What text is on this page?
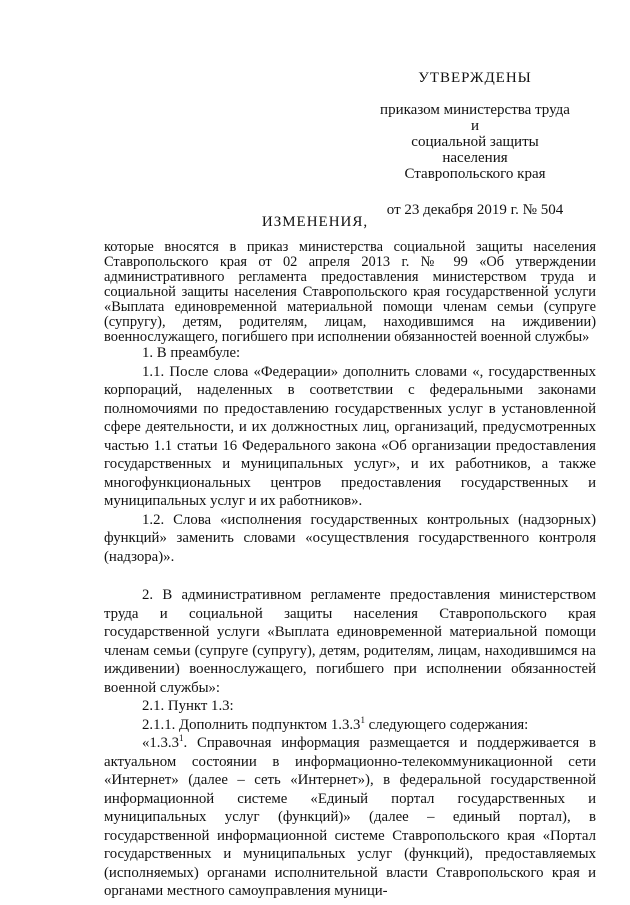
УТВЕРЖДЕНЫ
приказом министерства труда и
социальной защиты населения
Ставропольского края
от 23 декабря 2019 г. № 504
ИЗМЕНЕНИЯ,
которые вносятся в приказ министерства социальной защиты населения Ставропольского края от 02 апреля 2013 г. № 99 «Об утверждении административного регламента предоставления министерством труда и социальной защиты населения Ставропольского края государственной услуги «Выплата единовременной материальной помощи членам семьи (супруге (супругу), детям, родителям, лицам, находившимся на иждивении) военнослужащего, погибшего при исполнении обязанностей военной службы»

1. В преамбуле:

1.1. После слова «Федерации» дополнить словами «, государственных корпораций, наделенных в соответствии с федеральными законами полномочиями по предоставлению государственных услуг в установленной сфере деятельности, и их должностных лиц, организаций, предусмотренных частью 1.1 статьи 16 Федерального закона «Об организации предоставления государственных и муниципальных услуг», и их работников, а также многофункциональных центров предоставления государственных и муниципальных услуг и их работников».

1.2. Слова «исполнения государственных контрольных (надзорных) функций» заменить словами «осуществления государственного контроля (надзора)».

2. В административном регламенте предоставления министерством труда и социальной защиты населения Ставропольского края государственной услуги «Выплата единовременной материальной помощи членам семьи (супруге (супругу), детям, родителям, лицам, находившимся на иждивении) военнослужащего, погибшего при исполнении обязанностей военной службы»:

2.1. Пункт 1.3:

2.1.1. Дополнить подпунктом 1.3.3$^1$ следующего содержания:

«1.3.3$^1$. Справочная информация размещается и поддерживается в актуальном состоянии в информационно-телекоммуникационной сети «Интернет» (далее – сеть «Интернет»), в федеральной государственной информационной системе «Единый портал государственных и муниципальных услуг (функций)» (далее – единый портал), в государственной информационной системе Ставропольского края «Портал государственных и муниципальных услуг (функций), предоставляемых (исполняемых) органами исполнительной власти Ставропольского края и органами местного самоуправления муници-
